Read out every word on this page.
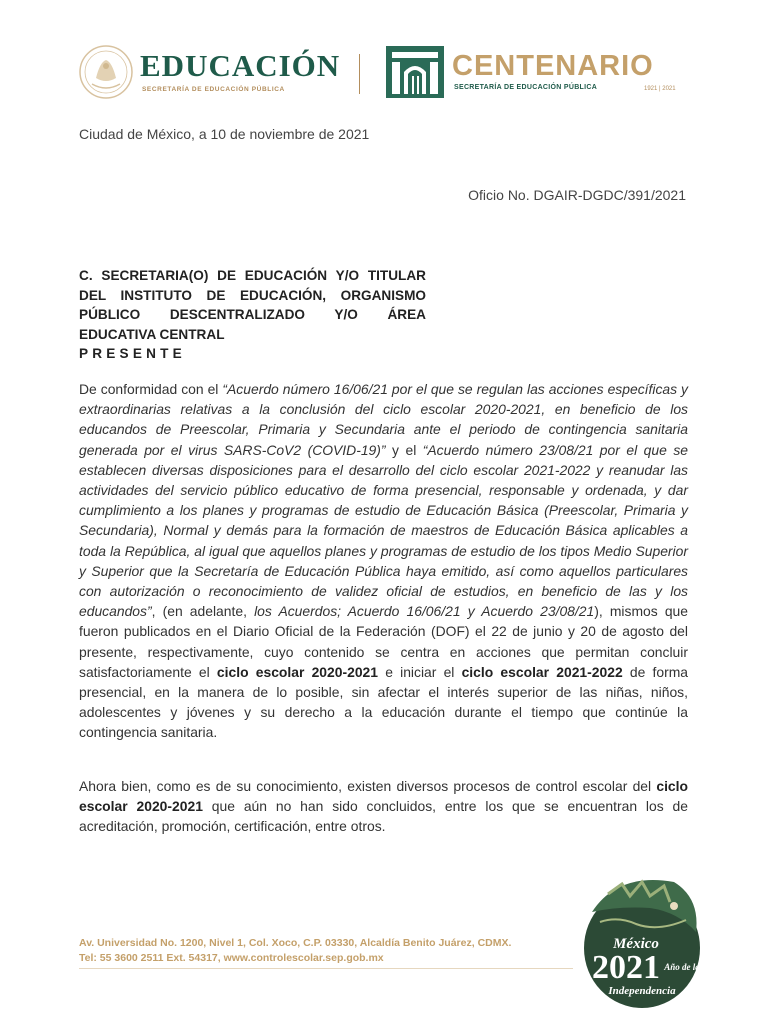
EDUCACIÓN
SECRETARÍA DE EDUCACIÓN PÚBLICA
CENTENARIO
SECRETARÍA DE EDUCACIÓN PÚBLICA	1921 | 2021
Ciudad de México, a 10 de noviembre de 2021
Oficio No. DGAIR-DGDC/391/2021
C. SECRETARIA(O) DE EDUCACIÓN Y/O TITULAR
DEL INSTITUTO DE EDUCACIÓN, ORGANISMO
PÚBLICO DESCENTRALIZADO Y/O ÁREA
EDUCATIVA CENTRAL
PRESENTE
De conformidad con el “Acuerdo número 16/06/21 por el que se regulan las acciones específicas y extraordinarias relativas a la conclusión del ciclo escolar 2020-2021, en beneficio de los educandos de Preescolar, Primaria y Secundaria ante el periodo de contingencia sanitaria generada por el virus SARS-CoV2 (COVID-19)” y el “Acuerdo número 23/08/21 por el que se establecen diversas disposiciones para el desarrollo del ciclo escolar 2021-2022 y reanudar las actividades del servicio público educativo de forma presencial, responsable y ordenada, y dar cumplimiento a los planes y programas de estudio de Educación Básica (Preescolar, Primaria y Secundaria), Normal y demás para la formación de maestros de Educación Básica aplicables a toda la República, al igual que aquellos planes y programas de estudio de los tipos Medio Superior y Superior que la Secretaría de Educación Pública haya emitido, así como aquellos particulares con autorización o reconocimiento de validez oficial de estudios, en beneficio de las y los educandos”, (en adelante, los Acuerdos; Acuerdo 16/06/21 y Acuerdo 23/08/21), mismos que fueron publicados en el Diario Oficial de la Federación (DOF) el 22 de junio y 20 de agosto del presente, respectivamente, cuyo contenido se centra en acciones que permitan concluir satisfactoriamente el ciclo escolar 2020-2021 e iniciar el ciclo escolar 2021-2022 de forma presencial, en la manera de lo posible, sin afectar el interés superior de las niñas, niños, adolescentes y jóvenes y su derecho a la educación durante el tiempo que continúe la contingencia sanitaria.
Ahora bien, como es de su conocimiento, existen diversos procesos de control escolar del ciclo escolar 2020-2021 que aún no han sido concluidos, entre los que se encuentran los de acreditación, promoción, certificación, entre otros.
Av. Universidad No. 1200, Nivel 1, Col. Xoco, C.P. 03330, Alcaldía Benito Juárez, CDMX.
Tel: 55 3600 2511 Ext. 54317, www.controlescolar.sep.gob.mx
México
2021 Año de la
Independencia
